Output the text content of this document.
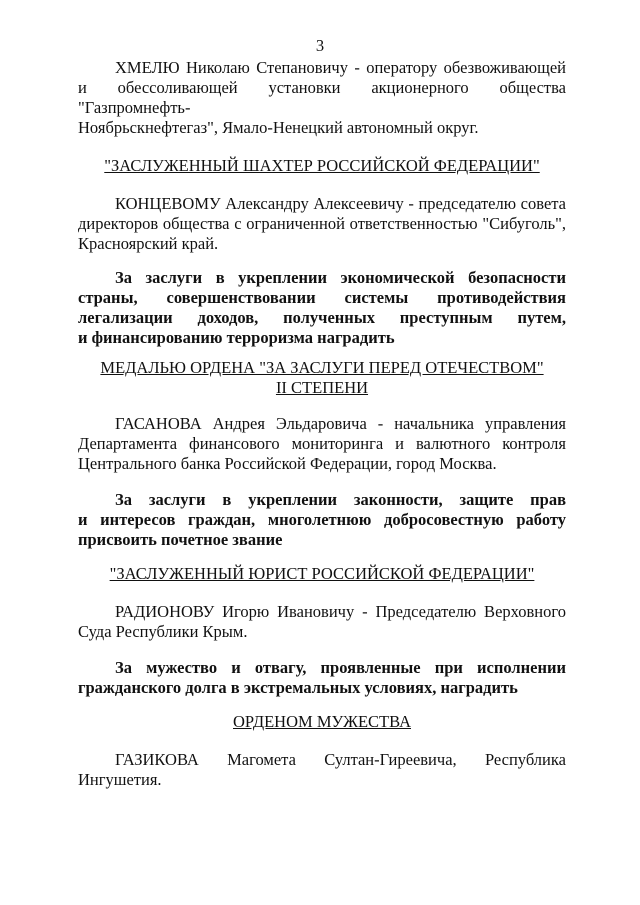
3
ХМЕЛЮ Николаю Степановичу - оператору обезвоживающей
и обессоливающей установки акционерного общества "Газпромнефть-
Ноябрьскнефтегаз", Ямало-Ненецкий автономный округ.
"ЗАСЛУЖЕННЫЙ ШАХТЕР РОССИЙСКОЙ ФЕДЕРАЦИИ"
КОНЦЕВОМУ Александру Алексеевичу - председателю совета
директоров общества с ограниченной ответственностью "Сибуголь",
Красноярский край.
За заслуги в укреплении экономической безопасности
страны, совершенствовании системы противодействия
легализации доходов, полученных преступным путем,
и финансированию терроризма наградить
МЕДАЛЬЮ ОРДЕНА "ЗА ЗАСЛУГИ ПЕРЕД ОТЕЧЕСТВОМ"
II СТЕПЕНИ
ГАСАНОВА Андрея Эльдаровича - начальника управления
Департамента финансового мониторинга и валютного контроля
Центрального банка Российской Федерации, город Москва.
За заслуги в укреплении законности, защите прав
и интересов граждан, многолетнюю добросовестную работу
присвоить почетное звание
"ЗАСЛУЖЕННЫЙ ЮРИСТ РОССИЙСКОЙ ФЕДЕРАЦИИ"
РАДИОНОВУ Игорю Ивановичу - Председателю Верховного
Суда Республики Крым.
За мужество и отвагу, проявленные при исполнении
гражданского долга в экстремальных условиях, наградить
ОРДЕНОМ МУЖЕСТВА
ГАЗИКОВА Магомета Султан-Гиреевича, Республика
Ингушетия.
